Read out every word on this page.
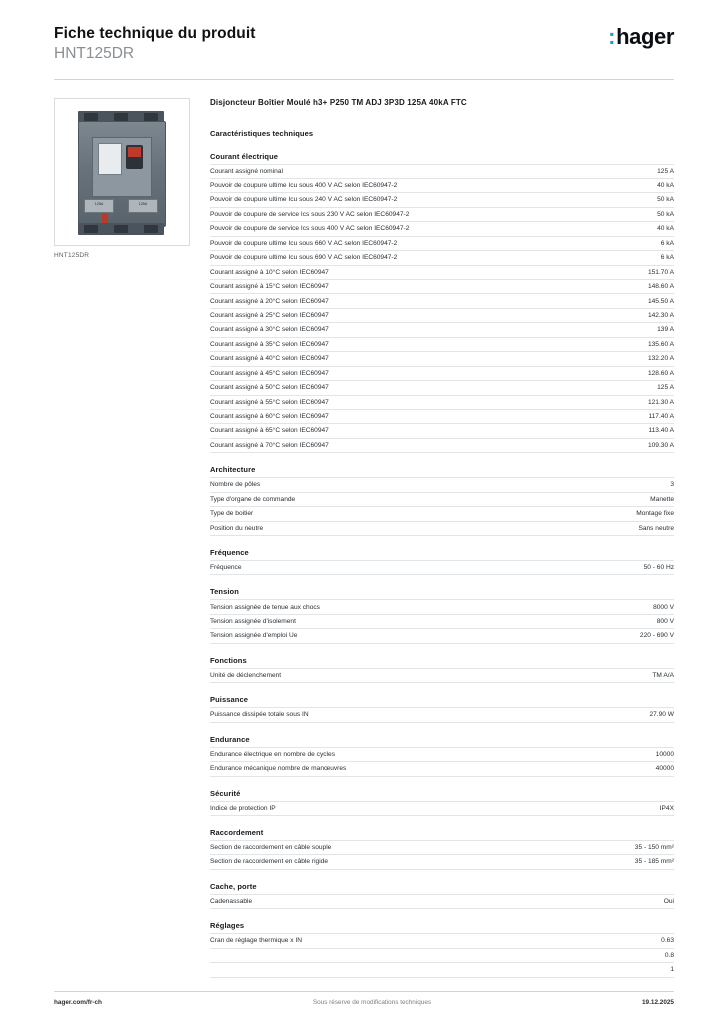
Fiche technique du produit
HNT125DR
:hager
125A	125A
HNT125DR
Disjoncteur Boîtier Moulé h3+ P250 TM ADJ 3P3D 125A 40kA FTC
Caractéristiques techniques
Courant électrique
Courant assigné nominal	125 A
Pouvoir de coupure ultime Icu sous 400 V AC selon IEC60947-2	40 kA
Pouvoir de coupure ultime Icu sous 240 V AC selon IEC60947-2	50 kA
Pouvoir de coupure de service Ics sous 230 V AC selon IEC60947-2	50 kA
Pouvoir de coupure de service Ics sous 400 V AC selon IEC60947-2	40 kA
Pouvoir de coupure ultime Icu sous 660 V AC selon IEC60947-2	6 kA
Pouvoir de coupure ultime Icu sous 690 V AC selon IEC60947-2	6 kA
Courant assigné à 10°C selon IEC60947	151.70 A
Courant assigné à 15°C selon IEC60947	148.60 A
Courant assigné à 20°C selon IEC60947	145.50 A
Courant assigné à 25°C selon IEC60947	142.30 A
Courant assigné à 30°C selon IEC60947	139 A
Courant assigné à 35°C selon IEC60947	135.60 A
Courant assigné à 40°C selon IEC60947	132.20 A
Courant assigné à 45°C selon IEC60947	128.60 A
Courant assigné à 50°C selon IEC60947	125 A
Courant assigné à 55°C selon IEC60947	121.30 A
Courant assigné à 60°C selon IEC60947	117.40 A
Courant assigné à 65°C selon IEC60947	113.40 A
Courant assigné à 70°C selon IEC60947	109.30 A
Architecture
Nombre de pôles	3
Type d'organe de commande	Manette
Type de boitier	Montage fixe
Position du neutre	Sans neutre
Fréquence
Fréquence	50 - 60 Hz
Tension
Tension assignée de tenue aux chocs	8000 V
Tension assignée d'isolement	800 V
Tension assignée d'emploi Ue	220 - 690 V
Fonctions
Unité de déclenchement	TM A/A
Puissance
Puissance dissipée totale sous IN	27.90 W
Endurance
Endurance électrique en nombre de cycles	10000
Endurance mécanique nombre de manœuvres	40000
Sécurité
Indice de protection IP	IP4X
Raccordement
Section de raccordement en câble souple	35 - 150 mm²
Section de raccordement en câble rigide	35 - 185 mm²
Cache, porte
Cadenassable	Oui
Réglages
Cran de réglage thermique x IN	0.63
	0.8
	1
hager.com/fr-ch	Sous réserve de modifications techniques	19.12.2025
